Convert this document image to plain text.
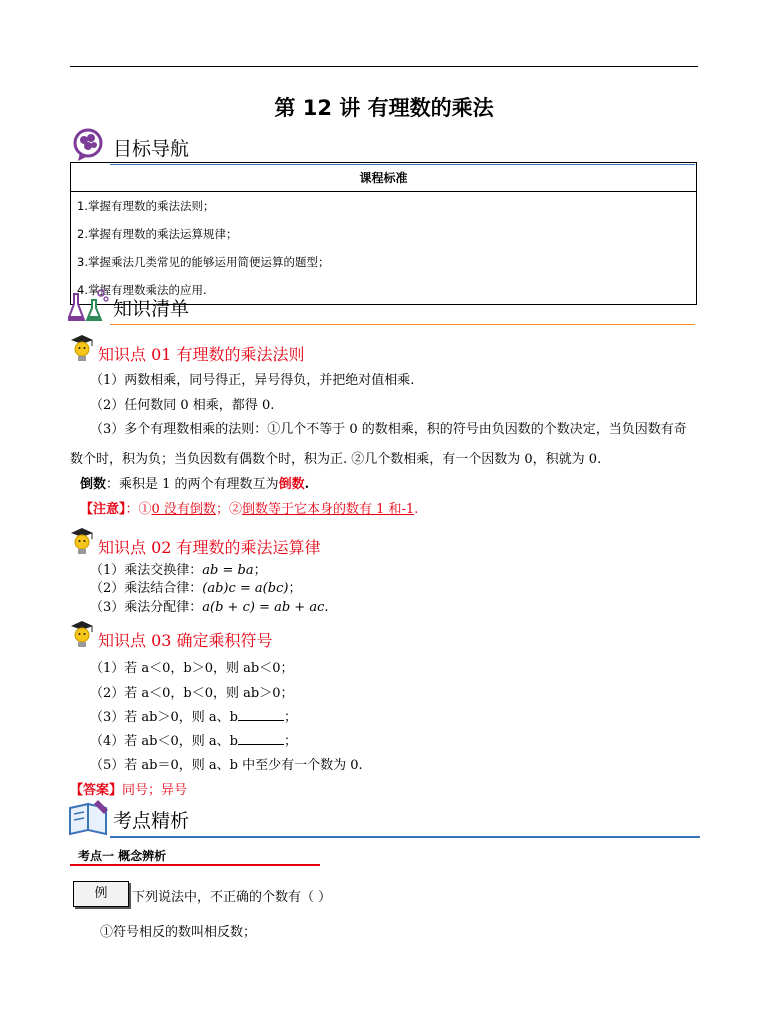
第 12 讲 有理数的乘法
目标导航
课程标准
1.掌握有理数的乘法法则；
2.掌握有理数的乘法运算规律；
3.掌握乘法几类常见的能够运用简便运算的题型；
4.掌握有理数乘法的应用.
知识清单
知识点 01 有理数的乘法法则
（1）两数相乘，同号得正，异号得负，并把绝对值相乘.
（2）任何数同 0 相乘，都得 0.
（3）多个有理数相乘的法则：①几个不等于 0 的数相乘，积的符号由负因数的个数决定，当负因数有奇
数个时，积为负；当负因数有偶数个时，积为正. ②几个数相乘，有一个因数为 0，积就为 0.
倒数：乘积是 1 的两个有理数互为倒数.
【注意】：①0 没有倒数；②倒数等于它本身的数有 1 和-1.
知识点 02 有理数的乘法运算律
（1）乘法交换律：ab = ba；
（2）乘法结合律：(ab)c = a(bc)；
（3）乘法分配律：a(b + c) = ab + ac.
知识点 03 确定乘积符号
（1）若 a＜0，b＞0，则 ab＜0；
（2）若 a＜0，b＜0，则 ab＞0；
（3）若 ab＞0，则 a、b	；
（4）若 ab＜0，则 a、b	；
（5）若 ab＝0，则 a、b 中至少有一个数为 0.
【答案】同号；异号
考点精析
考点一 概念辨析
例	下列说法中，不正确的个数有（ ）
①符号相反的数叫相反数；
